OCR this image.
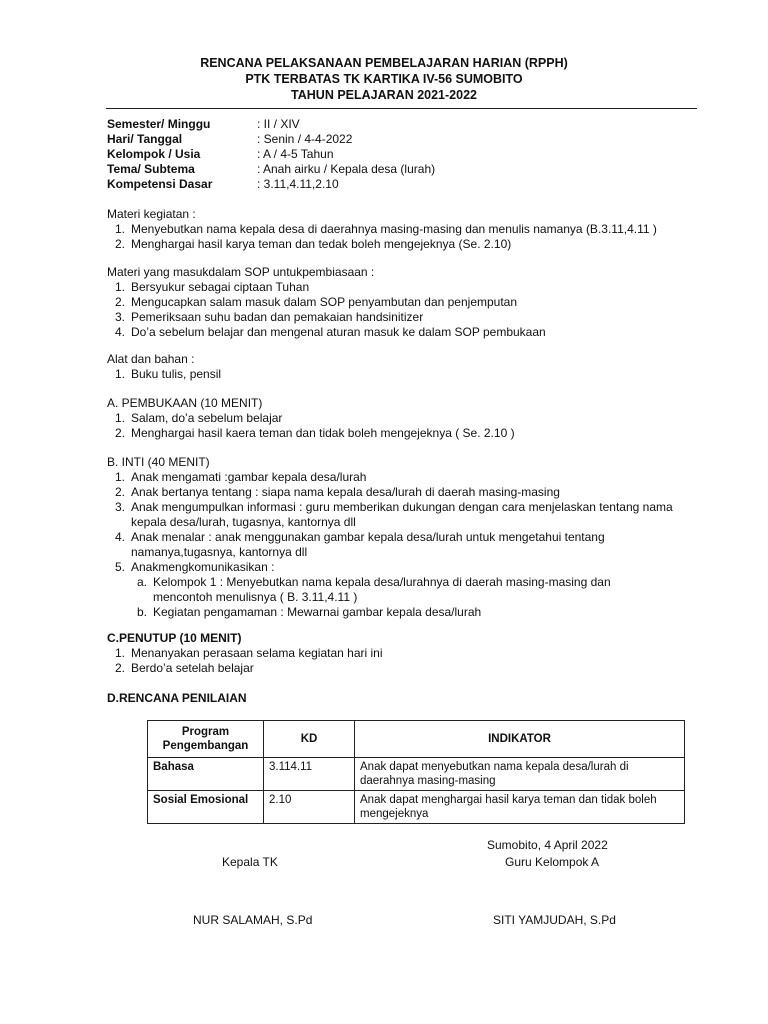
RENCANA PELAKSANAAN PEMBELAJARAN HARIAN (RPPH)
PTK TERBATAS TK KARTIKA IV-56 SUMOBITO
TAHUN PELAJARAN 2021-2022
Semester/ Minggu	: II / XIV
Hari/ Tanggal	: Senin / 4-4-2022
Kelompok / Usia	: A / 4-5 Tahun
Tema/ Subtema	: Anah airku / Kepala desa (lurah)
Kompetensi Dasar	: 3.11,4.11,2.10
Materi kegiatan :
1. Menyebutkan nama kepala desa di daerahnya masing-masing dan menulis namanya (B.3.11,4.11 )
2. Menghargai hasil karya teman dan tedak boleh mengejeknya (Se. 2.10)
Materi yang masukdalam SOP untukpembiasaan :
1. Bersyukur sebagai ciptaan Tuhan
2. Mengucapkan salam masuk dalam SOP penyambutan dan penjemputan
3. Pemeriksaan suhu badan dan pemakaian handsinitizer
4. Do’a sebelum belajar dan mengenal aturan masuk ke dalam SOP pembukaan
Alat dan bahan :
1. Buku tulis, pensil
A. PEMBUKAAN (10 MENIT)
1. Salam, do’a sebelum belajar
2. Menghargai hasil kaera teman dan tidak boleh mengejeknya ( Se. 2.10 )
B. INTI (40 MENIT)
1. Anak mengamati :gambar kepala desa/lurah
2. Anak bertanya tentang : siapa nama kepala desa/lurah di daerah masing-masing
3. Anak mengumpulkan informasi : guru memberikan dukungan dengan cara menjelaskan tentang nama kepala desa/lurah, tugasnya, kantornya dll
4. Anak menalar : anak menggunakan gambar kepala desa/lurah untuk mengetahui tentang namanya,tugasnya, kantornya dll
5. Anakmengkomunikasikan :
a. Kelompok 1 : Menyebutkan nama kepala desa/lurahnya di daerah masing-masing dan mencontoh menulisnya ( B. 3.11,4.11 )
b. Kegiatan pengamaman : Mewarnai gambar kepala desa/lurah
C.PENUTUP (10 MENIT)
1. Menanyakan perasaan selama kegiatan hari ini
2. Berdo’a setelah belajar
D.RENCANA PENILAIAN
Program Pengembangan	KD	INDIKATOR
Bahasa	3.114.11	Anak dapat menyebutkan nama kepala desa/lurah di daerahnya masing-masing
Sosial Emosional	2.10	Anak dapat menghargai hasil karya teman dan tidak boleh mengejeknya
Sumobito, 4 April 2022
Kepala TK	Guru Kelompok A
NUR SALAMAH, S.Pd	SITI YAMJUDAH, S.Pd
